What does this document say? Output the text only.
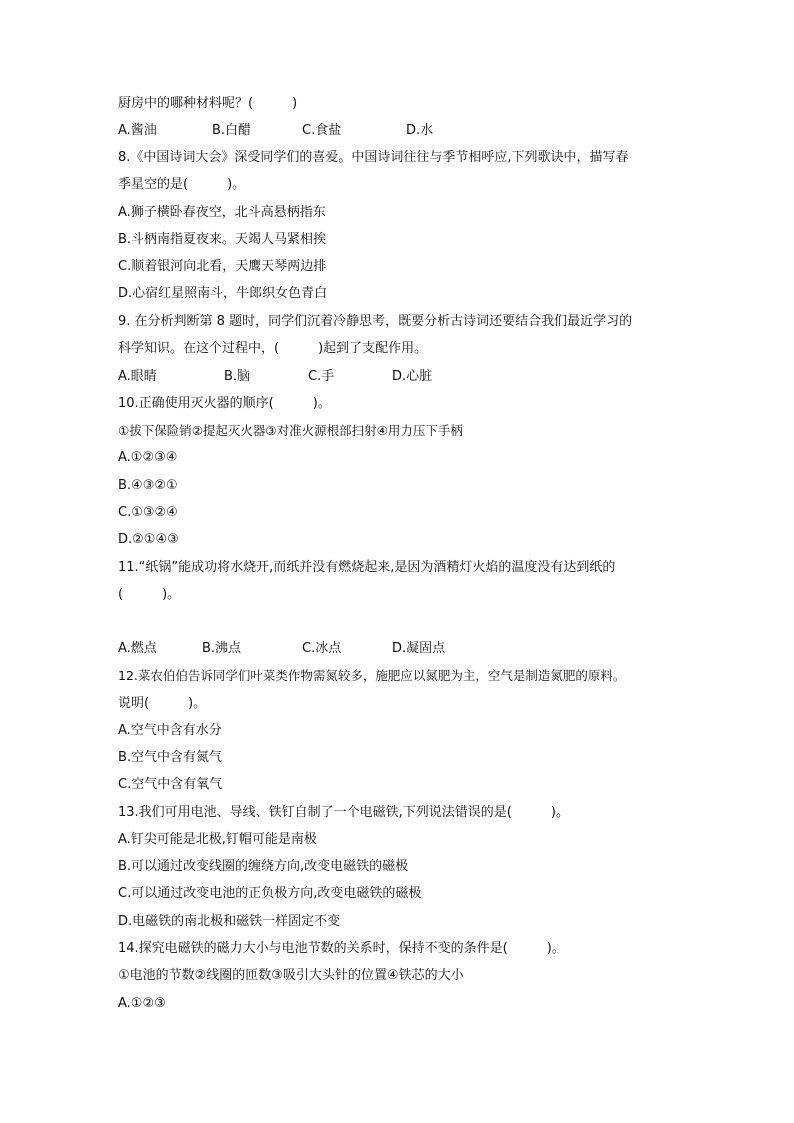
厨房中的哪种材料呢？(　　　)
A.酱油	B.白醋	C.食盐	D.水
8.《中国诗词大会》深受同学们的喜爱。中国诗词往往与季节相呼应,下列歌诀中，描写春
季星空的是(　　　)。
A.狮子横卧春夜空，北斗高悬柄指东
B.斗柄南指夏夜来。天竭人马紧相挨
C.顺着银河向北看，天鹰天琴两边排
D.心宿红星照南斗，牛郎织女色青白
9. 在分析判断第 8 题时，同学们沉着冷静思考，既要分析古诗词还要结合我们最近学习的
科学知识。在这个过程中，(　　　)起到了支配作用。
A.眼睛	B.脑	C.手	D.心脏
10.正确使用灭火器的顺序(　　　)。
①拔下保险销②提起灭火器③对准火源根部扫射④用力压下手柄
A.①②③④
B.④③②①
C.①③②④
D.②①④③
11.“纸锅”能成功将水烧开,而纸并没有燃烧起来,是因为酒精灯火焰的温度没有达到纸的
(　　　)。
A.燃点	B.沸点	C.冰点	D.凝固点
12.菜农伯伯告诉同学们叶菜类作物需氮较多，施肥应以氮肥为主，空气是制造氮肥的原料。
说明(　　　)。
A.空气中含有水分
B.空气中含有氮气
C.空气中含有氧气
13.我们可用电池、导线、铁钉自制了一个电磁铁,下列说法错误的是(　　　)。
A.钉尖可能是北极,钉帽可能是南极
B.可以通过改变线圈的缠绕方向,改变电磁铁的磁极
C.可以通过改变电池的正负极方向,改变电磁铁的磁极
D.电磁铁的南北极和磁铁一样固定不变
14.探究电磁铁的磁力大小与电池节数的关系时，保持不变的条件是(　　　)。
①电池的节数②线圈的匝数③吸引大头针的位置④铁芯的大小
A.①②③
